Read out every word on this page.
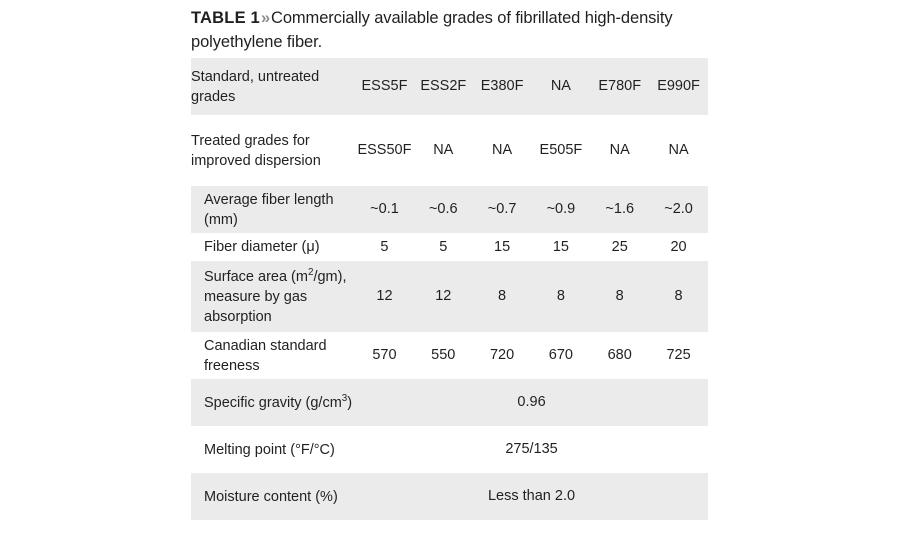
TABLE 1»Commercially available grades of fibrillated high-density polyethylene fiber.
Standard, untreated grades	ESS5F	ESS2F	E380F	NA	E780F	E990F
Treated grades for improved dispersion	ESS50F	NA	NA	E505F	NA	NA
Average fiber length (mm)	~0.1	~0.6	~0.7	~0.9	~1.6	~2.0
Fiber diameter (μ)	5	5	15	15	25	20
Surface area $(m^2/gm)$, measure by gas absorption	12	12	8	8	8	8
Canadian standard freeness	570	550	720	670	680	725
Specific gravity $(g/cm^3)$	0.96					
Melting point (°F/°C)	275/135					
Moisture content (%)	Less than 2.0					
